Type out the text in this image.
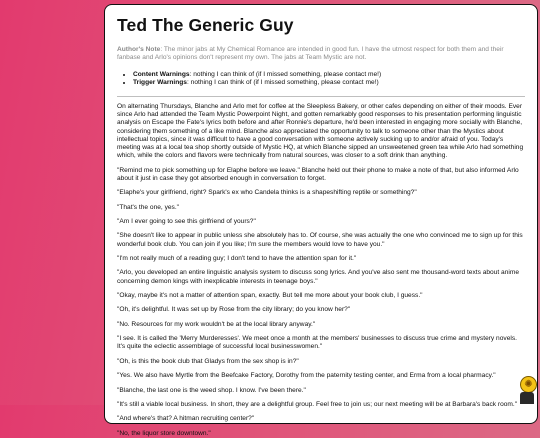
Ted The Generic Guy

Author's Note: The minor jabs at My Chemical Romance are intended in good fun. I have the utmost respect for both them and their fanbase and Arlo's opinions don't represent my own. The jabs at Team Mystic are not.

• Content Warnings: nothing I can think of (if I missed something, please contact me!)
• Trigger Warnings: nothing I can think of (if I missed something, please contact me!)

On alternating Thursdays, Blanche and Arlo met for coffee at the Sleepless Bakery, or other cafes depending on either of their moods. Ever since Arlo had attended the Team Mystic Powerpoint Night, and gotten remarkably good responses to his presentation performing linguistic analysis on Escape the Fate's lyrics both before and after Ronnie's departure, he'd been interested in engaging more socially with Blanche, considering them something of a like mind. Blanche also appreciated the opportunity to talk to someone other than the Mystics about intellectual topics, since it was difficult to have a good conversation with someone actively sucking up to and/or afraid of you. Today's meeting was at a local tea shop shortly outside of Mystic HQ, at which Blanche sipped an unsweetened green tea while Arlo had something which, while the colors and flavors were technically from natural sources, was closer to a soft drink than anything.

"Remind me to pick something up for Elaphe before we leave." Blanche held out their phone to make a note of that, but also informed Arlo about it just in case they got absorbed enough in conversation to forget.

"Elaphe's your girlfriend, right? Spark's ex who Candela thinks is a shapeshifting reptile or something?"

"That's the one, yes."

"Am I ever going to see this girlfriend of yours?"

"She doesn't like to appear in public unless she absolutely has to. Of course, she was actually the one who convinced me to sign up for this wonderful book club. You can join if you like; I'm sure the members would love to have you."

"I'm not really much of a reading guy; I don't tend to have the attention span for it."

"Arlo, you developed an entire linguistic analysis system to discuss song lyrics. And you've also sent me thousand-word texts about anime concerning demon kings with inexplicable interests in teenage boys."

"Okay, maybe it's not a matter of attention span, exactly. But tell me more about your book club, I guess."

"Oh, it's delightful. It was set up by Rose from the city library; do you know her?"

"No. Resources for my work wouldn't be at the local library anyway."

"I see. It is called the 'Merry Murderesses'. We meet once a month at the members' businesses to discuss true crime and mystery novels. It's quite the eclectic assemblage of successful local businesswomen."

"Oh, is this the book club that Gladys from the sex shop is in?"

"Yes. We also have Myrtle from the Beefcake Factory, Dorothy from the paternity testing center, and Erma from a local pharmacy."

"Blanche, the last one is the weed shop. I know. I've been there."

"It's still a viable local business. In short, they are a delightful group. Feel free to join us; our next meeting will be at Barbara's back room."

"And where's that? A hitman recruiting center?"

"No, the liquor store downtown."

✺
